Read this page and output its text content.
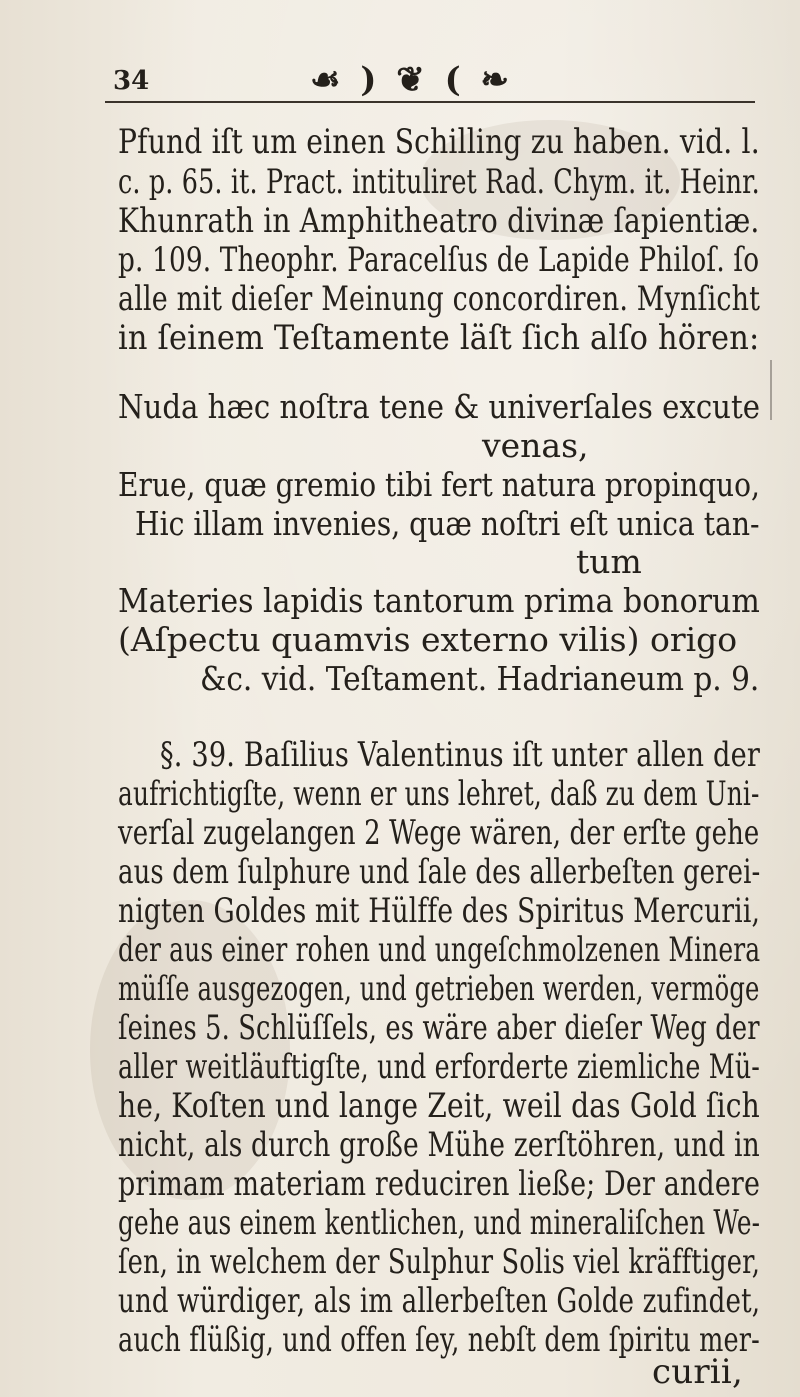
34	☙ ) ❦ ( ❧
Pfund iſt um einen Schilling zu haben. vid. l.
c. p. 65. it. Pract. intituliret Rad. Chym. it. Heinr.
Khunrath in Amphitheatro divinæ ſapientiæ.
p. 109. Theophr. Paracelſus de Lapide Philoſ. ſo
alle mit dieſer Meinung concordiren. Mynſicht
in ſeinem Teſtamente läſt ſich alſo hören:
Nuda hæc noſtra tene & univerſales excute
venas,
Erue, quæ gremio tibi fert natura propinquo,
Hic illam invenies, quæ noſtri eſt unica tan-
tum
Materies lapidis tantorum prima bonorum
(Aſpectu quamvis externo vilis) origo
&c. vid. Teſtament. Hadrianeum p. 9.
§. 39. Baſilius Valentinus iſt unter allen der
aufrichtigſte, wenn er uns lehret, daß zu dem Uni-
verſal zugelangen 2 Wege wären, der erſte gehe
aus dem ſulphure und ſale des allerbeſten gerei-
nigten Goldes mit Hülffe des Spiritus Mercurii,
der aus einer rohen und ungeſchmolzenen Minera
müſſe ausgezogen, und getrieben werden, vermöge
ſeines 5. Schlüſſels, es wäre aber dieſer Weg der
aller weitläuftigſte, und erforderte ziemliche Mü-
he, Koſten und lange Zeit, weil das Gold ſich
nicht, als durch große Mühe zerſtöhren, und in
primam materiam reduciren ließe; Der andere
gehe aus einem kentlichen, und mineraliſchen We-
ſen, in welchem der Sulphur Solis viel kräfftiger,
und würdiger, als im allerbeſten Golde zufindet,
auch flüßig, und offen ſey, nebſt dem ſpiritu mer-
curii,
